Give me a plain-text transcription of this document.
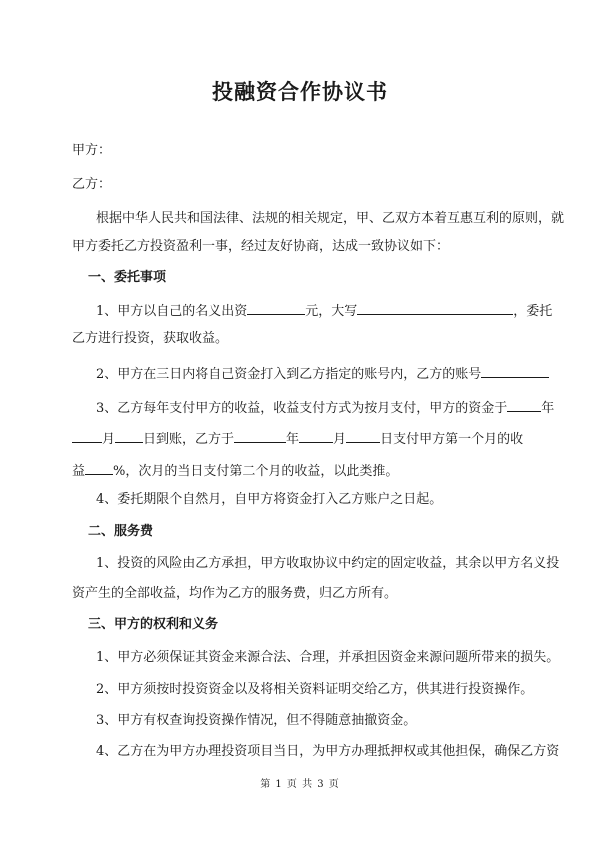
投融资合作协议书
甲方：
乙方：
根据中华人民共和国法律、法规的相关规定，甲、乙双方本着互惠互利的原则，就
甲方委托乙方投资盈利一事，经过友好协商，达成一致协议如下：
一、委托事项
1、甲方以自己的名义出资	元，大写	，委托
乙方进行投资，获取收益。
2、甲方在三日内将自己资金打入到乙方指定的账号内，乙方的账号
3、乙方每年支付甲方的收益，收益支付方式为按月支付，甲方的资金于	年
月 日到账，乙方于	年	月	日支付甲方第一个月的收
益 %，次月的当日支付第二个月的收益，以此类推。
4、委托期限个自然月，自甲方将资金打入乙方账户之日起。
二、服务费
1、投资的风险由乙方承担，甲方收取协议中约定的固定收益，其余以甲方名义投
资产生的全部收益，均作为乙方的服务费，归乙方所有。
三、甲方的权利和义务
1、甲方必须保证其资金来源合法、合理，并承担因资金来源问题所带来的损失。
2、甲方须按时投资资金以及将相关资料证明交给乙方，供其进行投资操作。
3、甲方有权查询投资操作情况，但不得随意抽撤资金。
4、乙方在为甲方办理投资项目当日，为甲方办理抵押权或其他担保，确保乙方资
第 1 页 共 3 页
